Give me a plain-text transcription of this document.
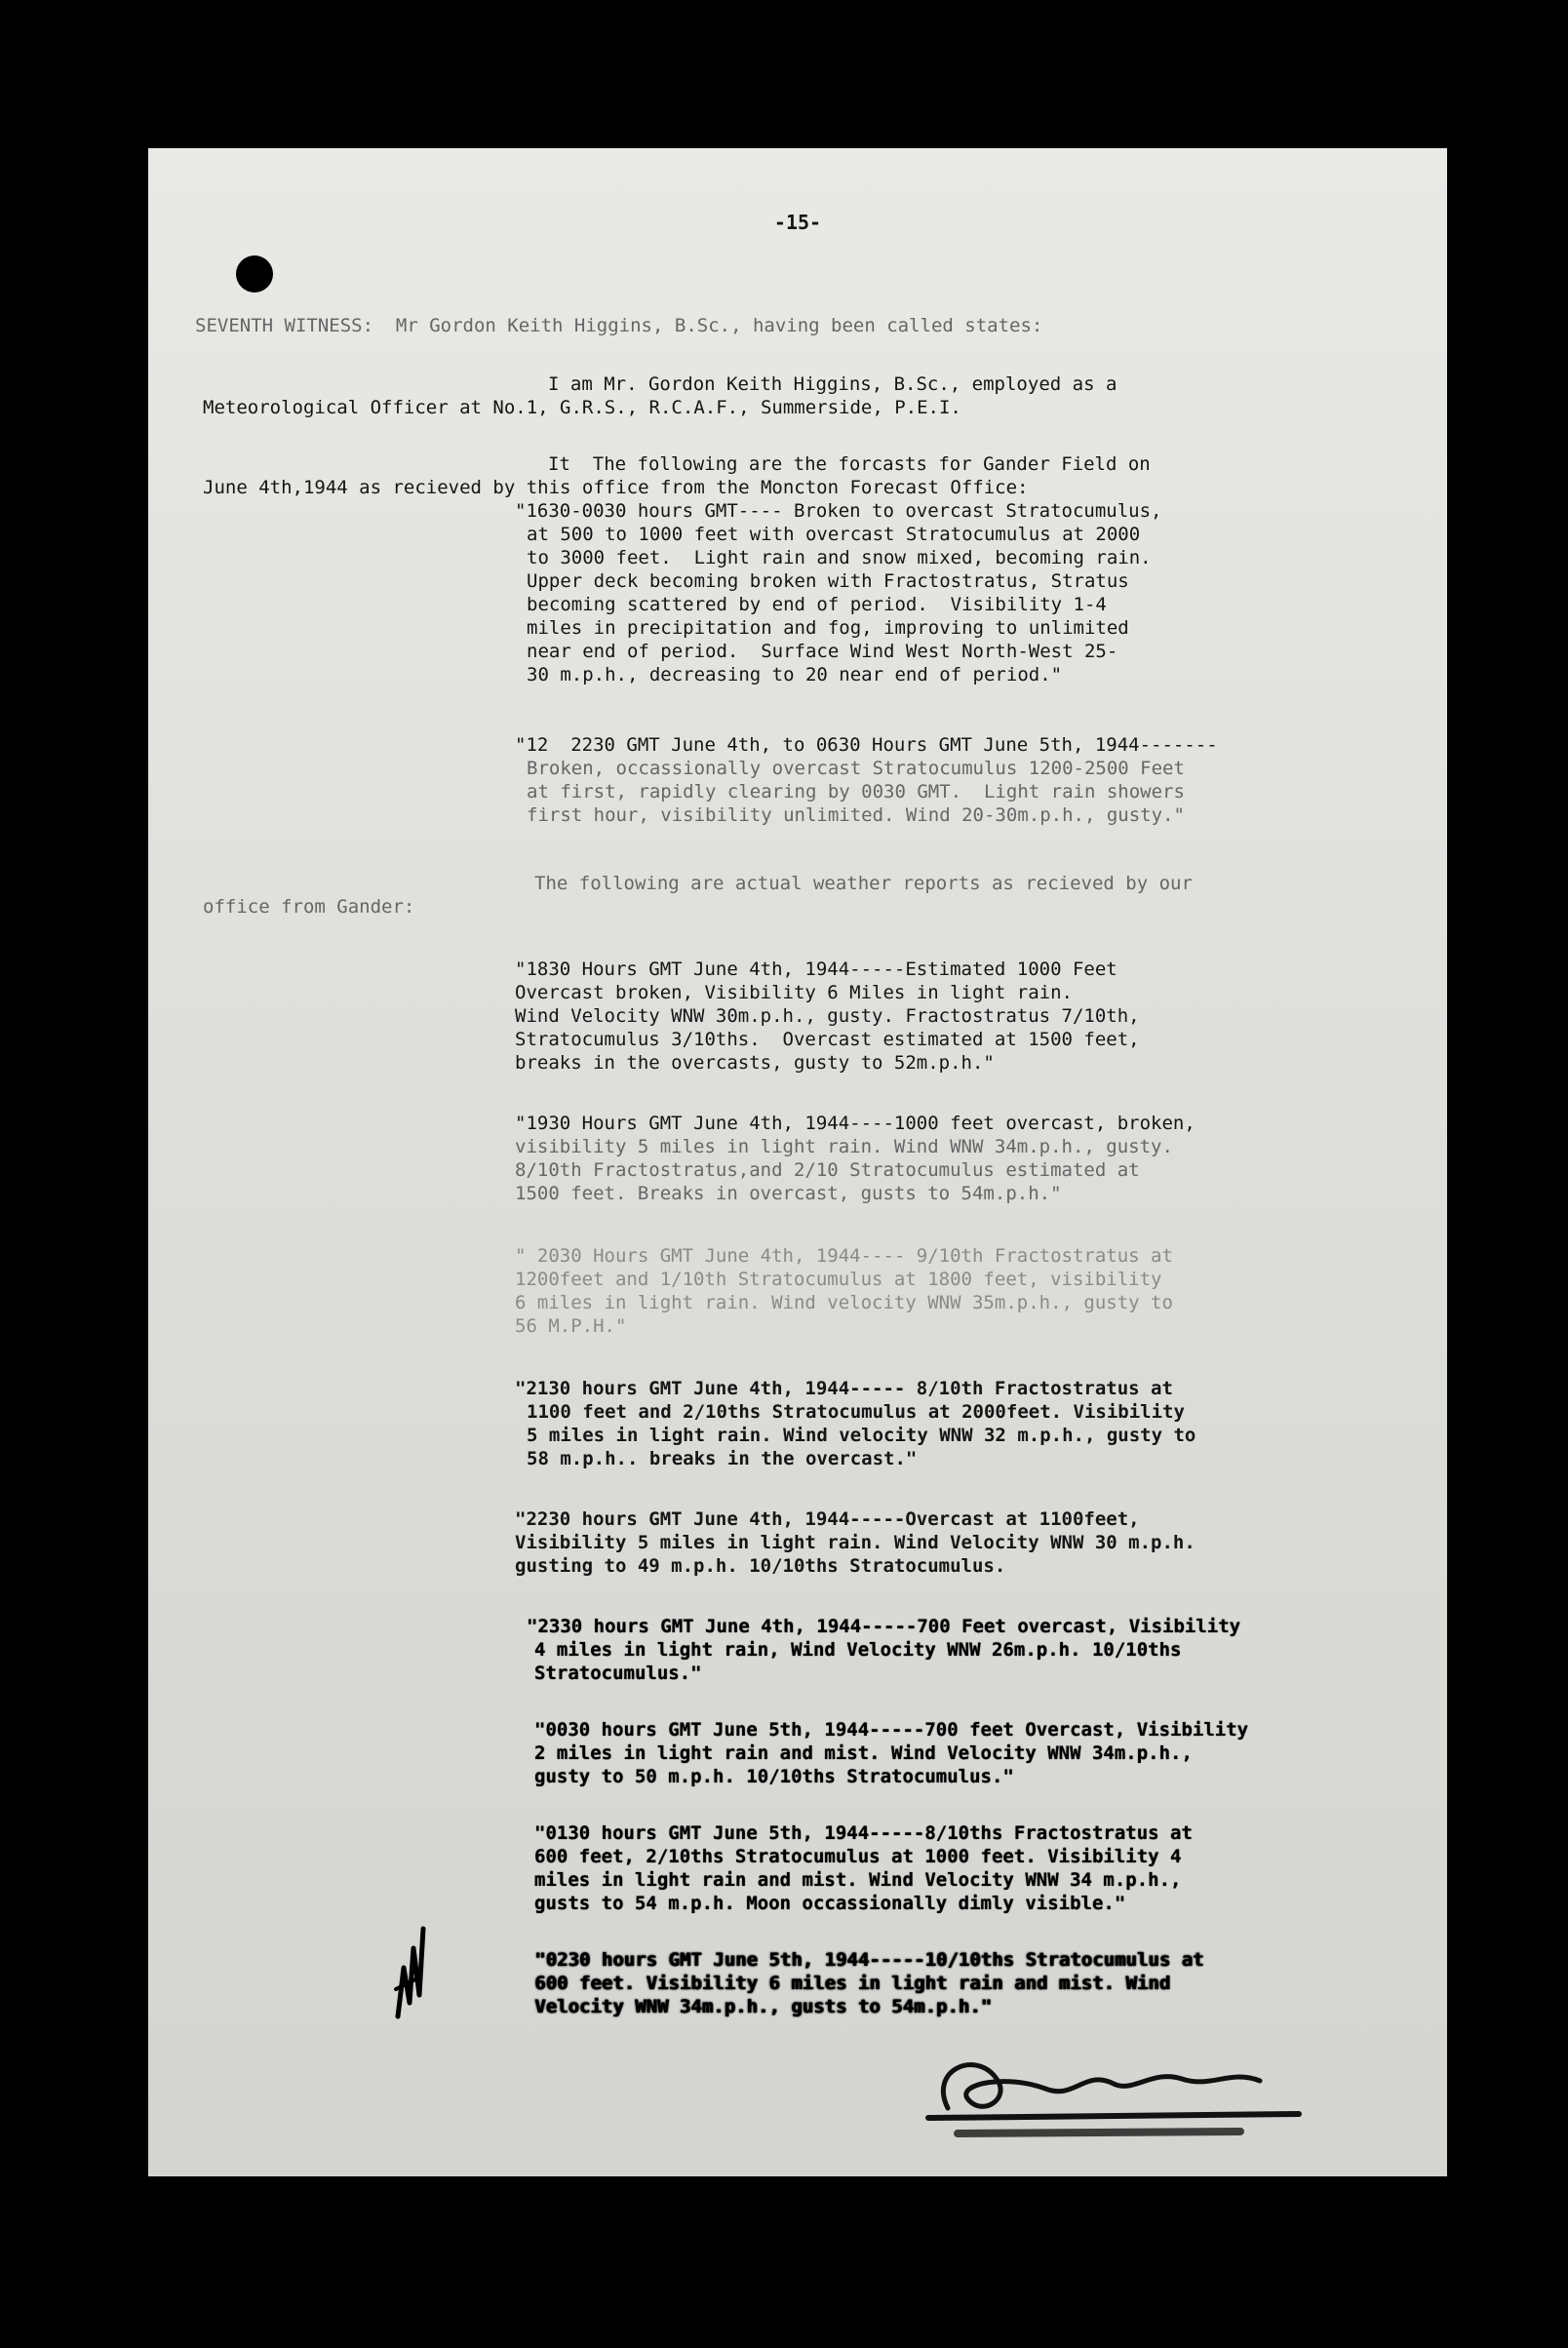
-15-
SEVENTH WITNESS:  Mr Gordon Keith Higgins, B.Sc., having been called states:
I am Mr. Gordon Keith Higgins, B.Sc., employed as a
Meteorological Officer at No.1, G.R.S., R.C.A.F., Summerside, P.E.I.
It  The following are the forcasts for Gander Field on
June 4th,1944 as recieved by this office from the Moncton Forecast Office:
"1630-0030 hours GMT---- Broken to overcast Stratocumulus,
at 500 to 1000 feet with overcast Stratocumulus at 2000
to 3000 feet.  Light rain and snow mixed, becoming rain.
Upper deck becoming broken with Fractostratus, Stratus
becoming scattered by end of period.  Visibility 1-4
miles in precipitation and fog, improving to unlimited
near end of period.  Surface Wind West North-West 25-
30 m.p.h., decreasing to 20 near end of period."
"12  2230 GMT June 4th, to 0630 Hours GMT June 5th, 1944-------
Broken, occassionally overcast Stratocumulus 1200-2500 Feet
at first, rapidly clearing by 0030 GMT.  Light rain showers
first hour, visibility unlimited. Wind 20-30m.p.h., gusty."
The following are actual weather reports as recieved by our
office from Gander:
"1830 Hours GMT June 4th, 1944-----Estimated 1000 Feet
Overcast broken, Visibility 6 Miles in light rain.
Wind Velocity WNW 30m.p.h., gusty. Fractostratus 7/10th,
Stratocumulus 3/10ths.  Overcast estimated at 1500 feet,
breaks in the overcasts, gusty to 52m.p.h."
"1930 Hours GMT June 4th, 1944----1000 feet overcast, broken,
visibility 5 miles in light rain. Wind WNW 34m.p.h., gusty.
8/10th Fractostratus,and 2/10 Stratocumulus estimated at
1500 feet. Breaks in overcast, gusts to 54m.p.h."
" 2030 Hours GMT June 4th, 1944---- 9/10th Fractostratus at
1200feet and 1/10th Stratocumulus at 1800 feet, visibility
6 miles in light rain. Wind velocity WNW 35m.p.h., gusty to
56 M.P.H."
"2130 hours GMT June 4th, 1944----- 8/10th Fractostratus at
1100 feet and 2/10ths Stratocumulus at 2000feet. Visibility
5 miles in light rain. Wind velocity WNW 32 m.p.h., gusty to
58 m.p.h.. breaks in the overcast."
"2230 hours GMT June 4th, 1944-----Overcast at 1100feet,
Visibility 5 miles in light rain. Wind Velocity WNW 30 m.p.h.
gusting to 49 m.p.h. 10/10ths Stratocumulus.
"2330 hours GMT June 4th, 1944-----700 Feet overcast, Visibility
4 miles in light rain, Wind Velocity WNW 26m.p.h. 10/10ths
Stratocumulus."
"0030 hours GMT June 5th, 1944-----700 feet Overcast, Visibility
2 miles in light rain and mist. Wind Velocity WNW 34m.p.h.,
gusty to 50 m.p.h. 10/10ths Stratocumulus."
"0130 hours GMT June 5th, 1944-----8/10ths Fractostratus at
600 feet, 2/10ths Stratocumulus at 1000 feet. Visibility 4
miles in light rain and mist. Wind Velocity WNW 34 m.p.h.,
gusts to 54 m.p.h. Moon occassionally dimly visible."
"0230 hours GMT June 5th, 1944-----10/10ths Stratocumulus at
600 feet. Visibility 6 miles in light rain and mist. Wind
Velocity WNW 34m.p.h., gusts to 54m.p.h."
